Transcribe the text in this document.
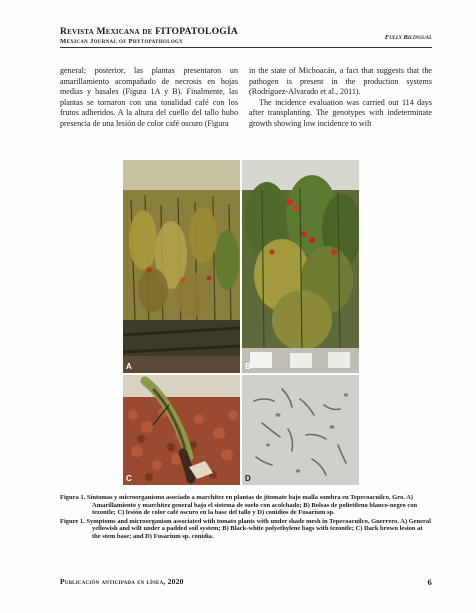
Revista Mexicana de FITOPATOLOGÍA
Mexican Journal of Phytopathology
Fully Bilingual

general; posterior, las plantas presentaron un amarillamiento acompañado de necrosis en hojas medias y basales (Figura 1A y B). Finalmente, las plantas se tornaron con una tonalidad café con los frutos adheridos. A la altura del cuello del tallo hubo presencia de una lesión de color café oscuro (Figura

in the state of Michoacán, a fact that suggests that the pathogen is present in the production systems (Rodríguez-Alvarado et al., 2011).

The incidence evaluation was carried out 114 days after transplanting. The genotypes with indeterminate growth showing low incidence to wilt

A	B
C	D
Figura 1. Síntomas y microorganismo asociado a marchitez en plantas de jitomate bajo malla sombra en Tepecoacuilco, Gro. A) Amarillamiento y marchitez general bajo el sistema de suelo con acolchado; B) Bolsas de polietileno blanco-negro con tezontle; C) lesión de color café oscuro en la base del tallo y D) conidios de Fusarium sp.
Figure 1. Symptoms and microorganism associated with tomato plants with under shade mesh in Tepecoacuilco, Guerrero. A) General yellowish and wilt under a padded soil system; B) Black-white polyethylene bags with tezontle; C) Dark brown lesion at the stem base; and D) Fusarium sp. conidia.
Publicación anticipada en línea, 2020	6
